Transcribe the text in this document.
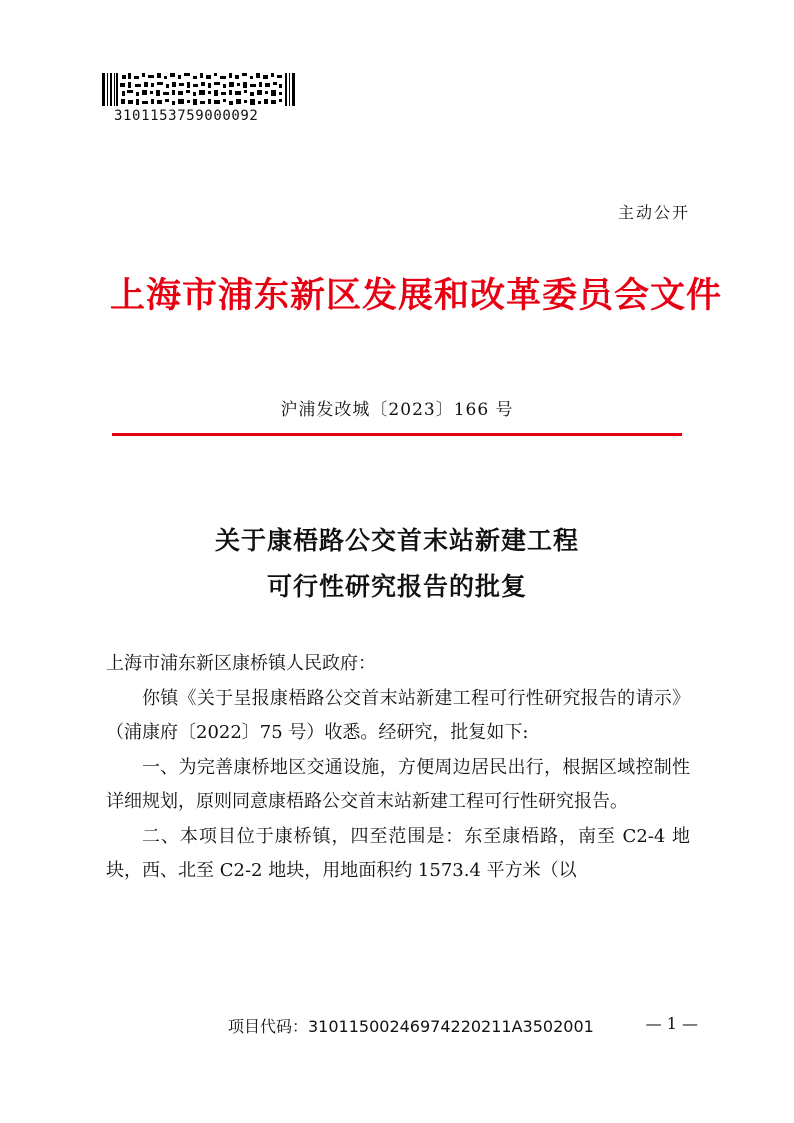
3101153759000092
主动公开
上海市浦东新区发展和改革委员会文件
沪浦发改城〔2023〕166 号
关于康梧路公交首末站新建工程
可行性研究报告的批复

上海市浦东新区康桥镇人民政府：

你镇《关于呈报康梧路公交首末站新建工程可行性研究报告的请示》（浦康府〔2022〕75 号）收悉。经研究，批复如下:

一、为完善康桥地区交通设施，方便周边居民出行，根据区域控制性详细规划，原则同意康梧路公交首末站新建工程可行性研究报告。

二、本项目位于康桥镇，四至范围是：东至康梧路，南至 C2-4 地块，西、北至 C2-2 地块，用地面积约 1573.4 平方米（以

项目代码：31011500246974220211A3502001	— 1 —
